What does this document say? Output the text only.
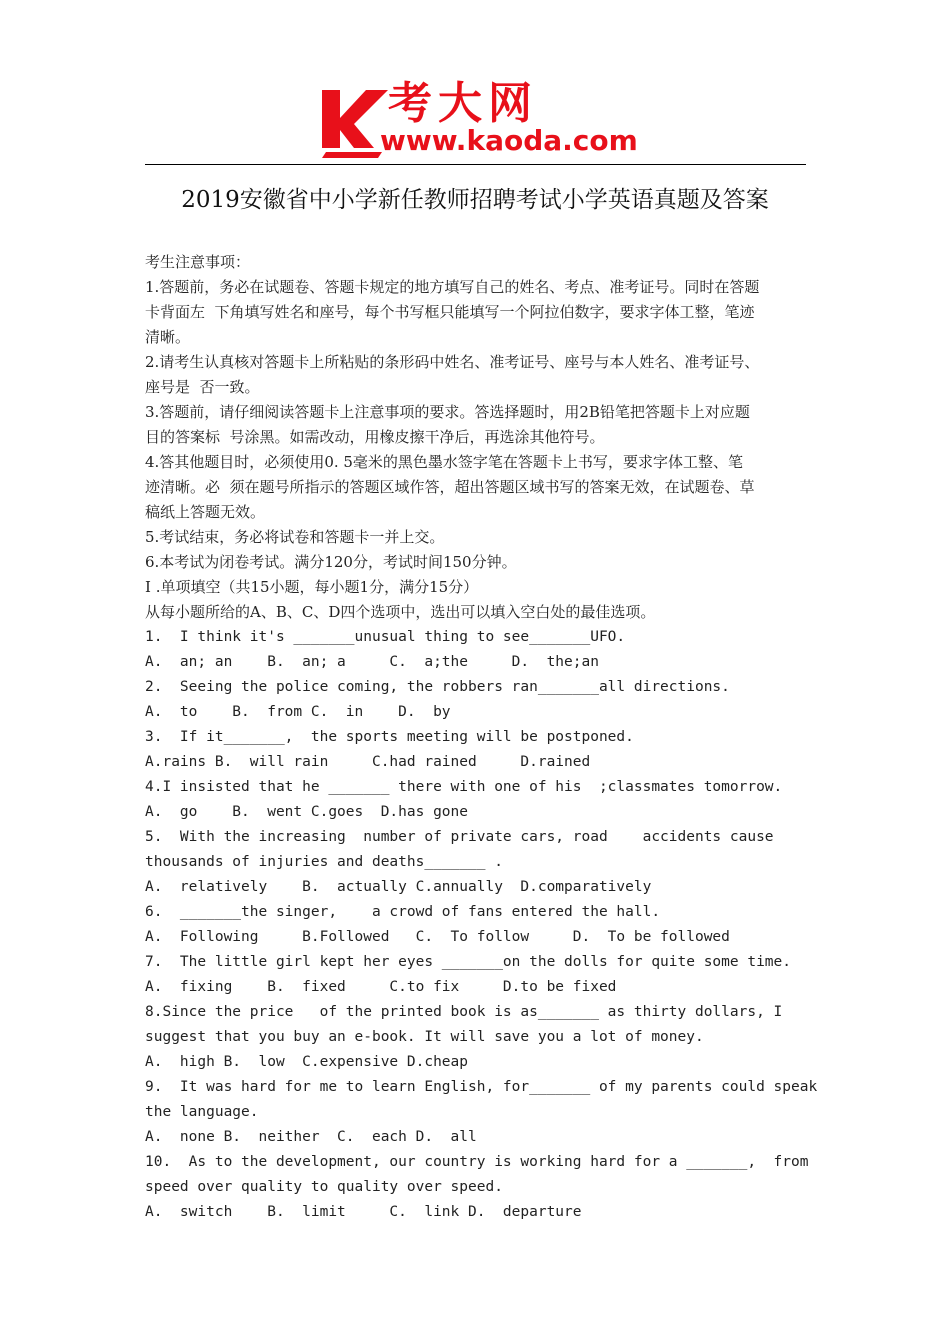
考大网
www.kaoda.com
2019安徽省中小学新任教师招聘考试小学英语真题及答案
考生注意事项：
1.答题前，务必在试题卷、答题卡规定的地方填写自己的姓名、考点、准考证号。同时在答题
卡背面左  下角填写姓名和座号，每个书写框只能填写一个阿拉伯数字，要求字体工整，笔迹
清晰。
2.请考生认真核对答题卡上所粘贴的条形码中姓名、准考证号、座号与本人姓名、准考证号、
座号是  否一致。
3.答题前，请仔细阅读答题卡上注意事项的要求。答选择题时，用2B铅笔把答题卡上对应题
目的答案标  号涂黑。如需改动，用橡皮擦干净后，再选涂其他符号。
4.答其他题目时，必须使用0. 5毫米的黑色墨水签字笔在答题卡上书写，要求字体工整、笔
迹清晰。必  须在题号所指示的答题区域作答，超出答题区域书写的答案无效，在试题卷、草
稿纸上答题无效。
5.考试结束，务必将试卷和答题卡一并上交。
6.本考试为闭卷考试。满分120分，考试时间150分钟。
I .单项填空（共15小题，每小题1分，满分15分）
从每小题所给的A、B、C、D四个选项中，选出可以填入空白处的最佳选项。
1.  I think it's _______unusual thing to see_______UFO.
A.  an; an    B.  an; a     C.  a;the     D.  the;an
2.  Seeing the police coming, the robbers ran_______all directions.
A.  to    B.  from C.  in    D.  by
3.  If it_______,  the sports meeting will be postponed.
A.rains B.  will rain     C.had rained     D.rained
4.I insisted that he _______ there with one of his  ;classmates tomorrow.
A.  go    B.  went C.goes  D.has gone
5.  With the increasing  number of private cars, road    accidents cause
thousands of injuries and deaths_______ .
A.  relatively    B.  actually C.annually  D.comparatively
6.  _______the singer,    a crowd of fans entered the hall.
A.  Following     B.Followed   C.  To follow     D.  To be followed
7.  The little girl kept her eyes _______on the dolls for quite some time.
A.  fixing    B.  fixed     C.to fix     D.to be fixed
8.Since the price   of the printed book is as_______ as thirty dollars, I
suggest that you buy an e-book. It will save you a lot of money.
A.  high B.  low  C.expensive D.cheap
9.  It was hard for me to learn English, for_______ of my parents could speak
the language.
A.  none B.  neither  C.  each D.  all
10.  As to the development, our country is working hard for a _______,  from
speed over quality to quality over speed.
A.  switch    B.  limit     C.  link D.  departure
